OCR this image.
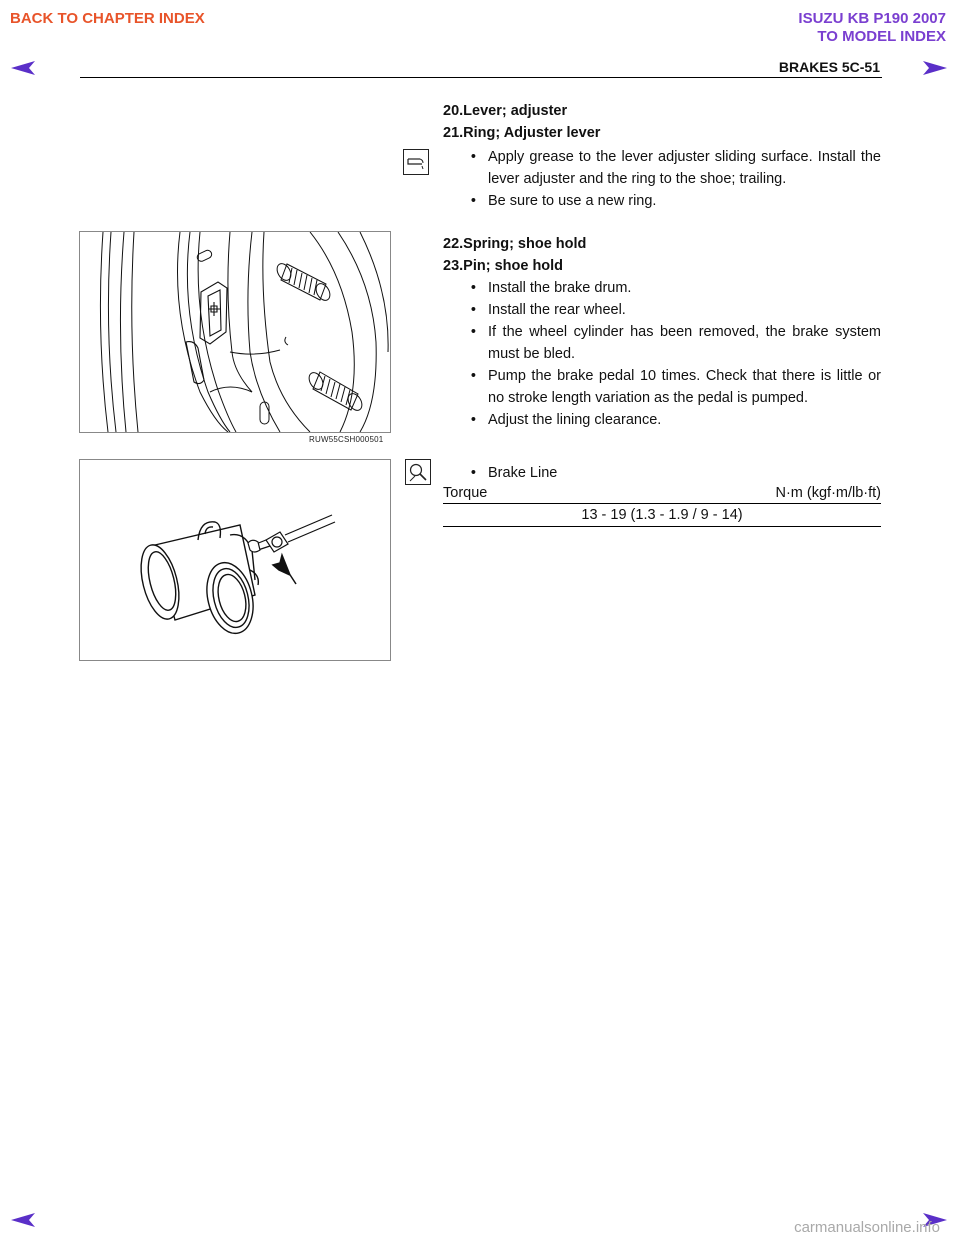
BACK TO CHAPTER INDEX	ISUZU KB P190 2007
TO MODEL INDEX
BRAKES 5C-51
20.Lever; adjuster
21.Ring; Adjuster lever
• Apply grease to the lever adjuster sliding surface. Install the lever adjuster and the ring to the shoe; trailing.
• Be sure to use a new ring.
RUW55CSH000501
22.Spring; shoe hold
23.Pin; shoe hold
• Install the brake drum.
• Install the rear wheel.
• If the wheel cylinder has been removed, the brake system must be bled.
• Pump the brake pedal 10 times. Check that there is little or no stroke length variation as the pedal is pumped.
• Adjust the lining clearance.
• Brake Line
Torque	N·m (kgf·m/lb·ft)
13 - 19 (1.3 - 1.9 / 9 - 14)
carmanualsonline.info
